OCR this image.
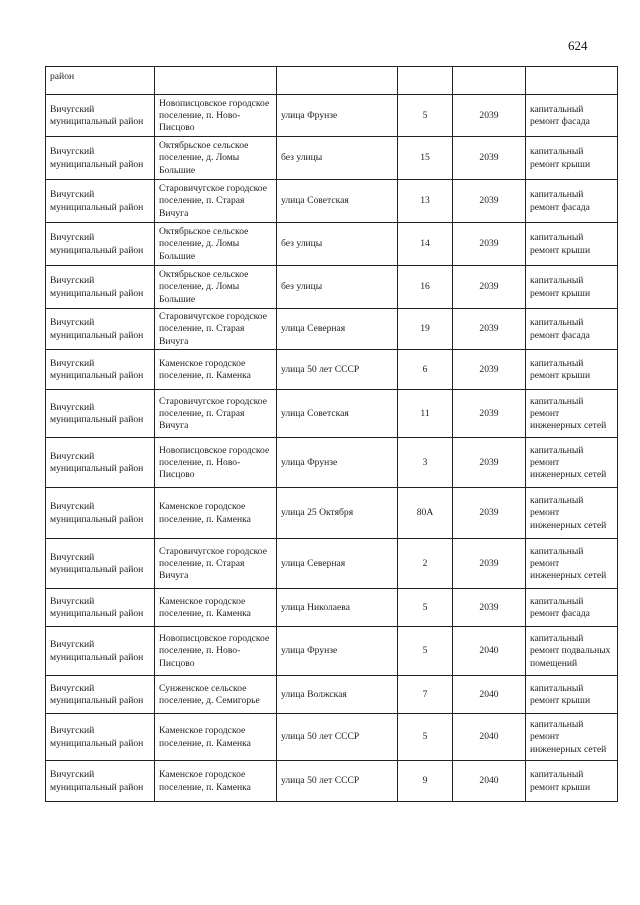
624
район					
Вичугский муниципальный район	Новописцовское городское поселение, п. Ново-Писцово	улица Фрунзе	5	2039	капитальный ремонт фасада
Вичугский муниципальный район	Октябрьское сельское поселение, д. Ломы Большие	без улицы	15	2039	капитальный ремонт крыши
Вичугский муниципальный район	Старовичугское городское поселение, п. Старая Вичуга	улица Советская	13	2039	капитальный ремонт фасада
Вичугский муниципальный район	Октябрьское сельское поселение, д. Ломы Большие	без улицы	14	2039	капитальный ремонт крыши
Вичугский муниципальный район	Октябрьское сельское поселение, д. Ломы Большие	без улицы	16	2039	капитальный ремонт крыши
Вичугский муниципальный район	Старовичугское городское поселение, п. Старая Вичуга	улица Северная	19	2039	капитальный ремонт фасада
Вичугский муниципальный район	Каменское городское поселение, п. Каменка	улица 50 лет СССР	6	2039	капитальный ремонт крыши
Вичугский муниципальный район	Старовичугское городское поселение, п. Старая Вичуга	улица Советская	11	2039	капитальный ремонт инженерных сетей
Вичугский муниципальный район	Новописцовское городское поселение, п. Ново-Писцово	улица Фрунзе	3	2039	капитальный ремонт инженерных сетей
Вичугский муниципальный район	Каменское городское поселение, п. Каменка	улица 25 Октября	80А	2039	капитальный ремонт инженерных сетей
Вичугский муниципальный район	Старовичугское городское поселение, п. Старая Вичуга	улица Северная	2	2039	капитальный ремонт инженерных сетей
Вичугский муниципальный район	Каменское городское поселение, п. Каменка	улица Николаева	5	2039	капитальный ремонт фасада
Вичугский муниципальный район	Новописцовское городское поселение, п. Ново-Писцово	улица Фрунзе	5	2040	капитальный ремонт подвальных помещений
Вичугский муниципальный район	Сунженское сельское поселение, д. Семигорье	улица Волжская	7	2040	капитальный ремонт крыши
Вичугский муниципальный район	Каменское городское поселение, п. Каменка	улица 50 лет СССР	5	2040	капитальный ремонт инженерных сетей
Вичугский муниципальный район	Каменское городское поселение, п. Каменка	улица 50 лет СССР	9	2040	капитальный ремонт крыши
